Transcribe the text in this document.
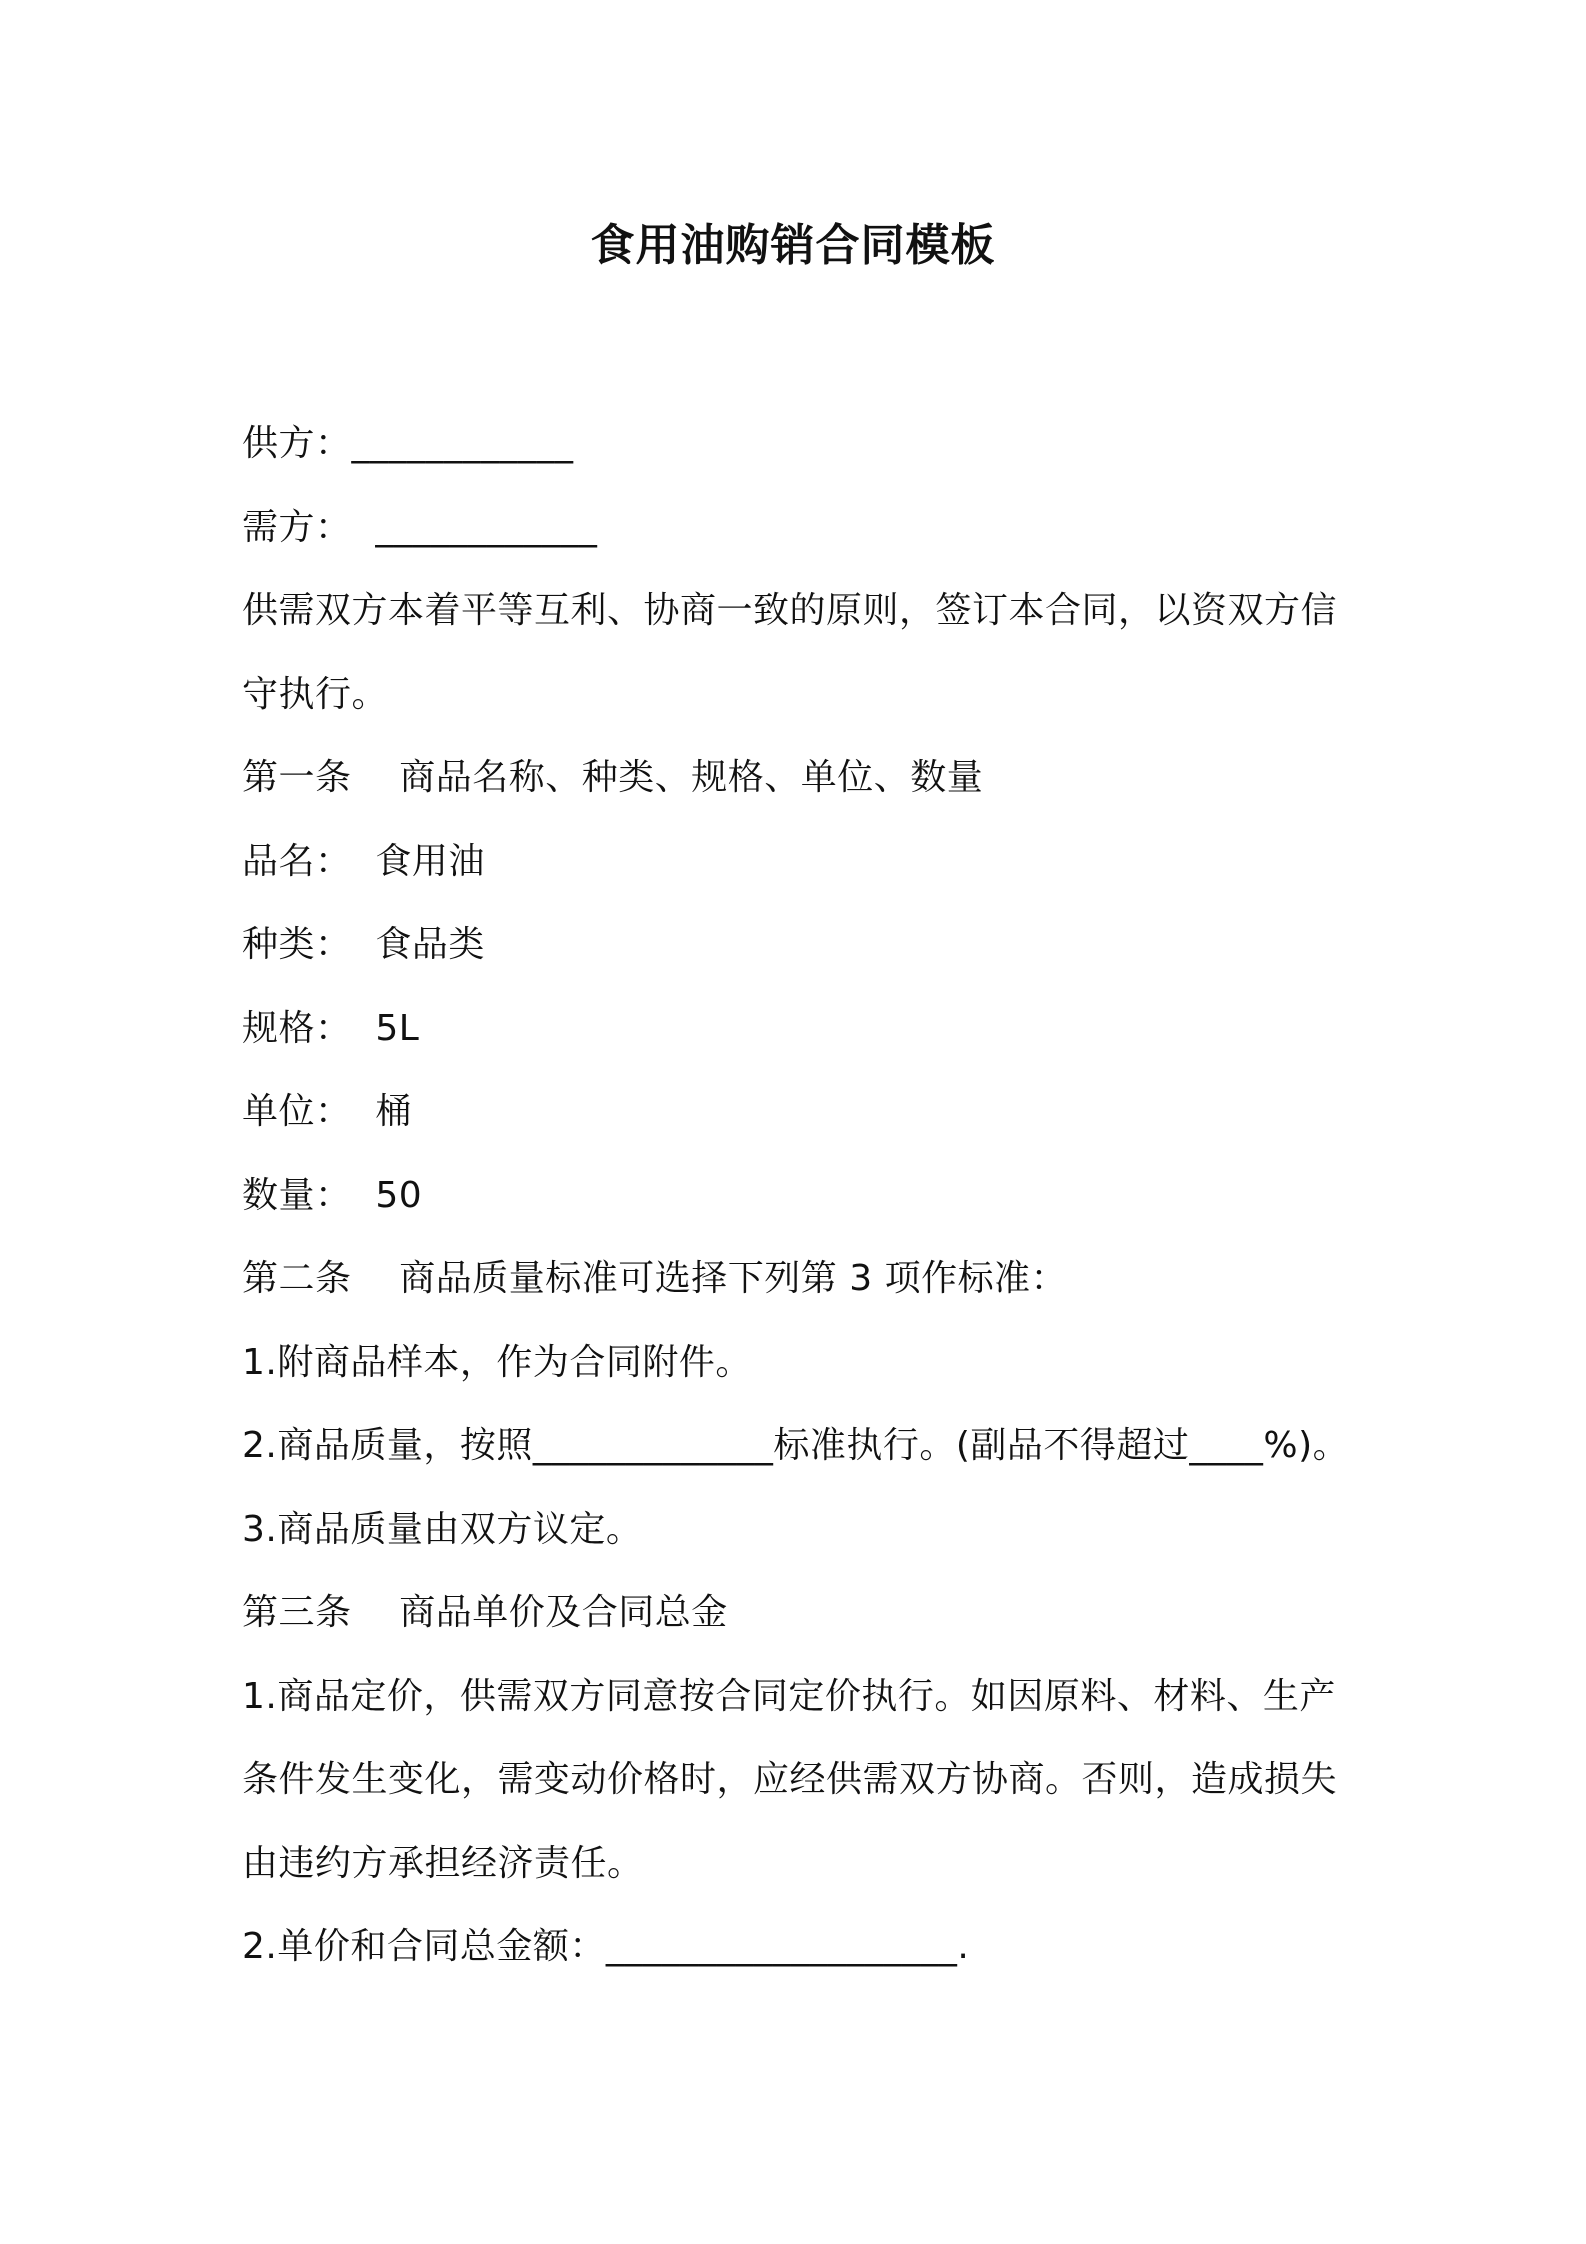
食用油购销合同模板
供方：____________
需方：  ____________
供需双方本着平等互利、协商一致的原则，签订本合同，以资双方信
守执行。
第一条    商品名称、种类、规格、单位、数量
品名：  食用油
种类：  食品类
规格：  5L
单位：  桶
数量：  50
第二条    商品质量标准可选择下列第 3 项作标准：
1.附商品样本，作为合同附件。
2.商品质量，按照_____________标准执行。(副品不得超过____%)。
3.商品质量由双方议定。
第三条    商品单价及合同总金
1.商品定价，供需双方同意按合同定价执行。如因原料、材料、生产
条件发生变化，需变动价格时，应经供需双方协商。否则，造成损失
由违约方承担经济责任。
2.单价和合同总金额：___________________.
